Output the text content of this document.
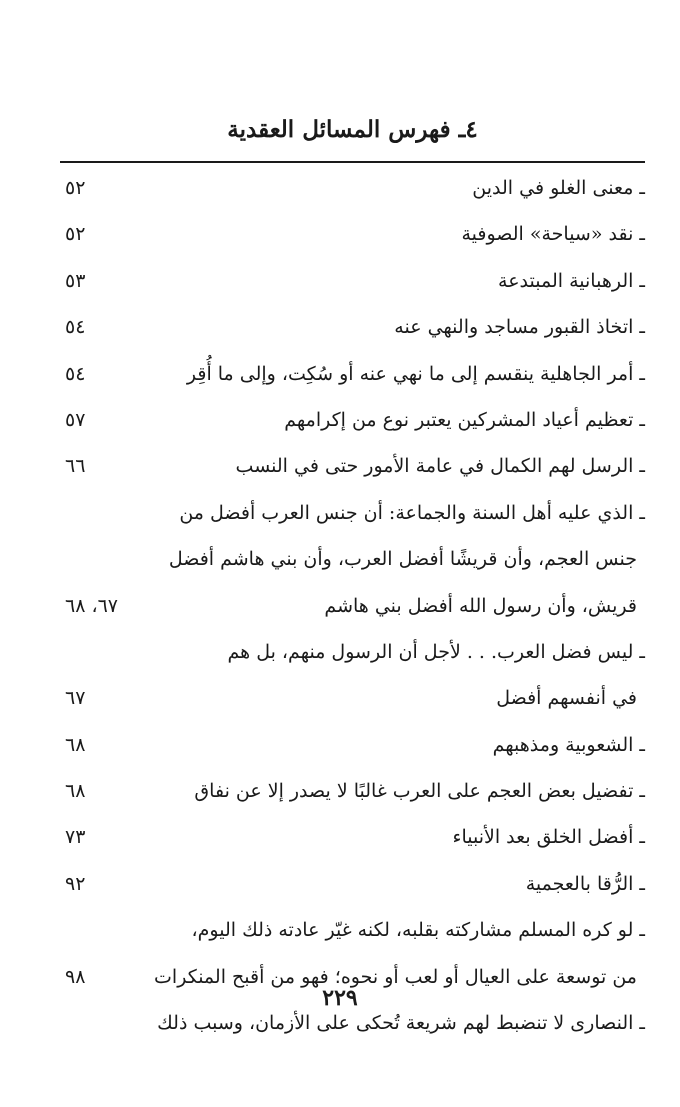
٤ـ فهرس المسائل العقدية
ـ معنى الغلو في الدين
٥٢
ـ نقد «سياحة» الصوفية
٥٢
ـ الرهبانية المبتدعة
٥٣
ـ اتخاذ القبور مساجد والنهي عنه
٥٤
ـ أمر الجاهلية ينقسم إلى ما نهي عنه أو سُكِت، وإلى ما أُقِر
٥٤
ـ تعظيم أعياد المشركين يعتبر نوع من إكرامهم
٥٧
ـ الرسل لهم الكمال في عامة الأمور حتى في النسب
٦٦
ـ الذي عليه أهل السنة والجماعة: أن جنس العرب أفضل من
جنس العجم، وأن قريشًا أفضل العرب، وأن بني هاشم أفضل
قريش، وأن رسول الله أفضل بني هاشم
٦٧، ٦٨
ـ ليس فضل العرب. . . لأجل أن الرسول منهم، بل هم
في أنفسهم أفضل
٦٧
ـ الشعوبية ومذهبهم
٦٨
ـ تفضيل بعض العجم على العرب غالبًا لا يصدر إلا عن نفاق
٦٨
ـ أفضل الخلق بعد الأنبياء
٧٣
ـ الرُّقا بالعجمية
٩٢
ـ لو كره المسلم مشاركته بقلبه، لكنه غيّر عادته ذلك اليوم،
من توسعة على العيال أو لعب أو نحوه؛ فهو من أقبح المنكرات
٩٨
ـ النصارى لا تنضبط لهم شريعة تُحكى على الأزمان، وسبب ذلك
٢٢٩
